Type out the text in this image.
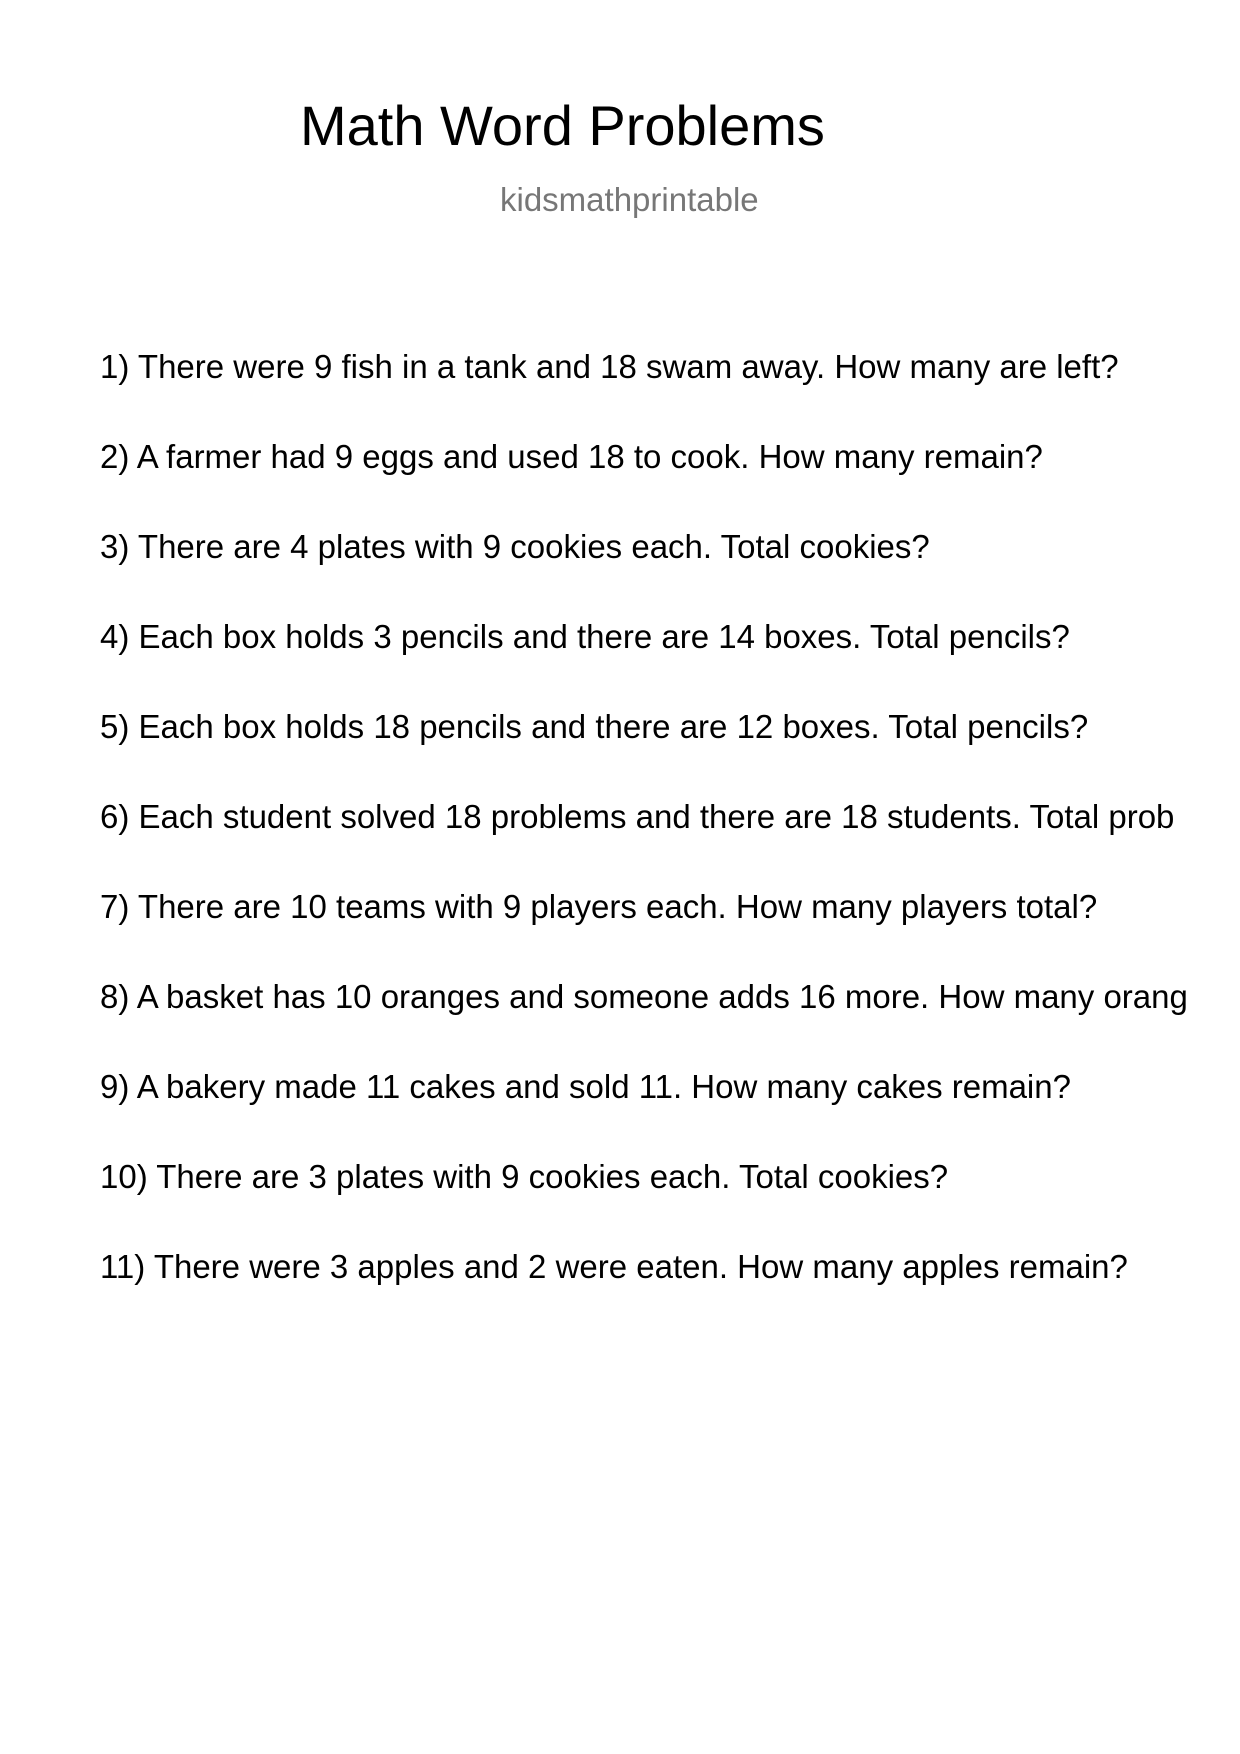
Math Word Problems
kidsmathprintable
1) There were 9 fish in a tank and 18 swam away. How many are left?
2) A farmer had 9 eggs and used 18 to cook. How many remain?
3) There are 4 plates with 9 cookies each. Total cookies?
4) Each box holds 3 pencils and there are 14 boxes. Total pencils?
5) Each box holds 18 pencils and there are 12 boxes. Total pencils?
6) Each student solved 18 problems and there are 18 students. Total prob
7) There are 10 teams with 9 players each. How many players total?
8) A basket has 10 oranges and someone adds 16 more. How many orang
9) A bakery made 11 cakes and sold 11. How many cakes remain?
10) There are 3 plates with 9 cookies each. Total cookies?
11) There were 3 apples and 2 were eaten. How many apples remain?
